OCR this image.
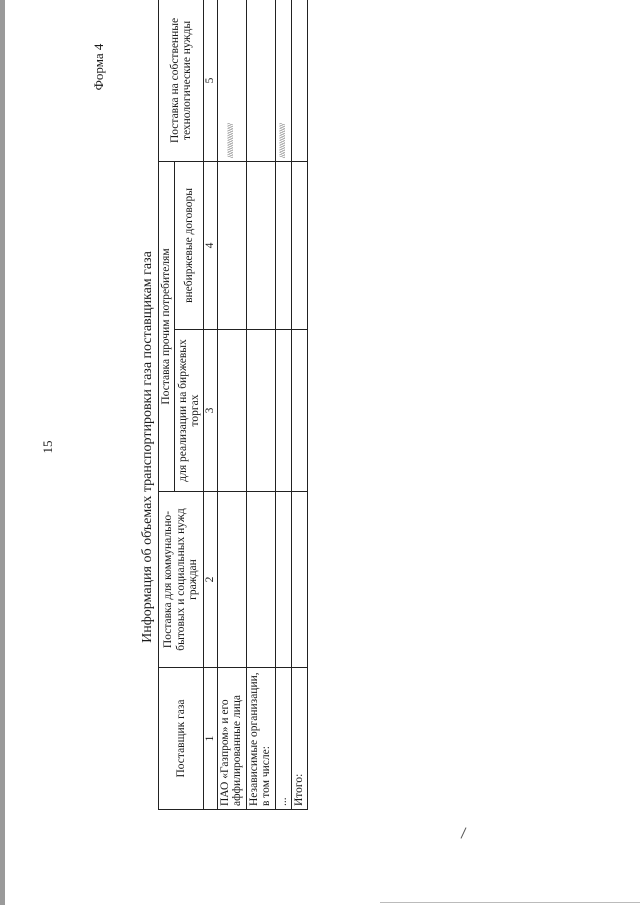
15
Форма 4
Информация об объемах транспортировки газа поставщикам газа
Поставщик газа	Поставка для коммунально-бытовых и социальных нужд граждан	Поставка прочим потребителям		Поставка на собственные технологические нужды
		для реализации на биржевых торгах	внебиржевые договоры	
1	2	3	4	5
ПАО «Газпром» и его аффилированные лица				////////////////////
Независимые организации, в том числе:				
...				////////////////////
Итого:				
